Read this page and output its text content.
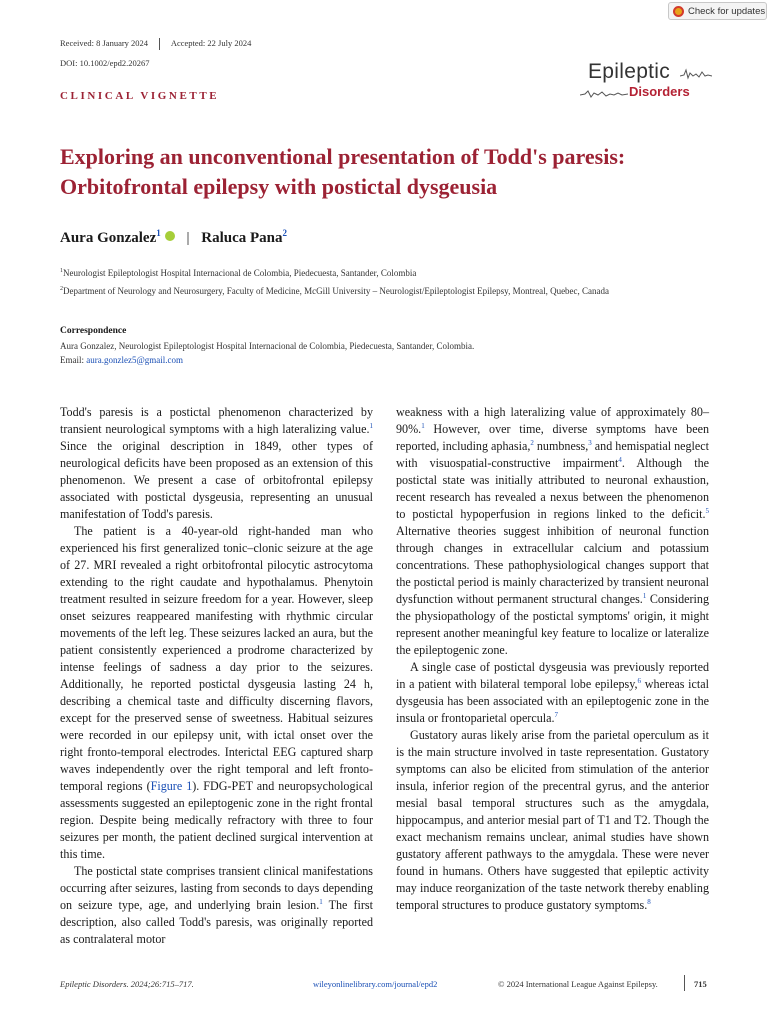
Check for updates
Received: 8 January 2024	Accepted: 22 July 2024
DOI: 10.1002/epd2.20267	Epileptic
Disorders
CLINICAL VIGNETTE
Exploring an unconventional presentation of Todd's paresis: Orbitofrontal epilepsy with postictal dysgeusia
Aura Gonzalez$^1$ | Raluca Pana$^2$
$^1$Neurologist Epileptologist Hospital Internacional de Colombia, Piedecuesta, Santander, Colombia
$^2$Department of Neurology and Neurosurgery, Faculty of Medicine, McGill University – Neurologist/Epileptologist Epilepsy, Montreal, Quebec, Canada
Correspondence
Aura Gonzalez, Neurologist Epileptologist Hospital Internacional de Colombia, Piedecuesta, Santander, Colombia.
Email: aura.gonzlez5@gmail.com

Todd's paresis is a postictal phenomenon characterized by transient neurological symptoms with a high lateralizing value.$^1$ Since the original description in 1849, other types of neurological deficits have been proposed as an extension of this phenomenon. We present a case of orbitofrontal epilepsy associated with postictal dysgeusia, representing an unusual manifestation of Todd's paresis.

The patient is a 40-year-old right-handed man who experienced his first generalized tonic–clonic seizure at the age of 27. MRI revealed a right orbitofrontal pilocytic astrocytoma extending to the right caudate and hypothalamus. Phenytoin treatment resulted in seizure freedom for a year. However, sleep onset seizures reappeared manifesting with rhythmic circular movements of the left leg. These seizures lacked an aura, but the patient consistently experienced a prodrome characterized by intense feelings of sadness a day prior to the seizures. Additionally, he reported postictal dysgeusia lasting 24 h, describing a chemical taste and difficulty discerning flavors, except for the preserved sense of sweetness. Habitual seizures were recorded in our epilepsy unit, with ictal onset over the right fronto-temporal electrodes. Interictal EEG captured sharp waves independently over the right temporal and left fronto-temporal regions (Figure 1). FDG-PET and neuropsychological assessments suggested an epileptogenic zone in the right frontal region. Despite being medically refractory with three to four seizures per month, the patient declined surgical intervention at this time.

The postictal state comprises transient clinical manifestations occurring after seizures, lasting from seconds to days depending on seizure type, age, and underlying brain lesion.$^1$ The first description, also called Todd's paresis, was originally reported as contralateral motor

weakness with a high lateralizing value of approximately 80–90%.$^1$ However, over time, diverse symptoms have been reported, including aphasia,$^2$ numbness,$^3$ and hemispatial neglect with visuospatial-constructive impairment$^4$. Although the postictal state was initially attributed to neuronal exhaustion, recent research has revealed a nexus between the phenomenon to postictal hypoperfusion in regions linked to the deficit.$^5$ Alternative theories suggest inhibition of neuronal function through changes in extracellular calcium and potassium concentrations. These pathophysiological changes support that the postictal period is mainly characterized by transient neuronal dysfunction without permanent structural changes.$^1$ Considering the physiopathology of the postictal symptoms' origin, it might represent another meaningful key feature to localize or lateralize the epileptogenic zone.

A single case of postictal dysgeusia was previously reported in a patient with bilateral temporal lobe epilepsy,$^6$ whereas ictal dysgeusia has been associated with an epileptogenic zone in the insula or frontoparietal opercula.$^7$

Gustatory auras likely arise from the parietal operculum as it is the main structure involved in taste representation. Gustatory symptoms can also be elicited from stimulation of the anterior insula, inferior region of the precentral gyrus, and the anterior mesial basal temporal structures such as the amygdala, hippocampus, and anterior mesial part of T1 and T2. Though the exact mechanism remains unclear, animal studies have shown gustatory afferent pathways to the amygdala. These were never found in humans. Others have suggested that epileptic activity may induce reorganization of the taste network thereby enabling temporal structures to produce gustatory symptoms.$^8$

Epileptic Disorders. 2024;26:715–717.	wileyonlinelibrary.com/journal/epd2	© 2024 International League Against Epilepsy.	715
